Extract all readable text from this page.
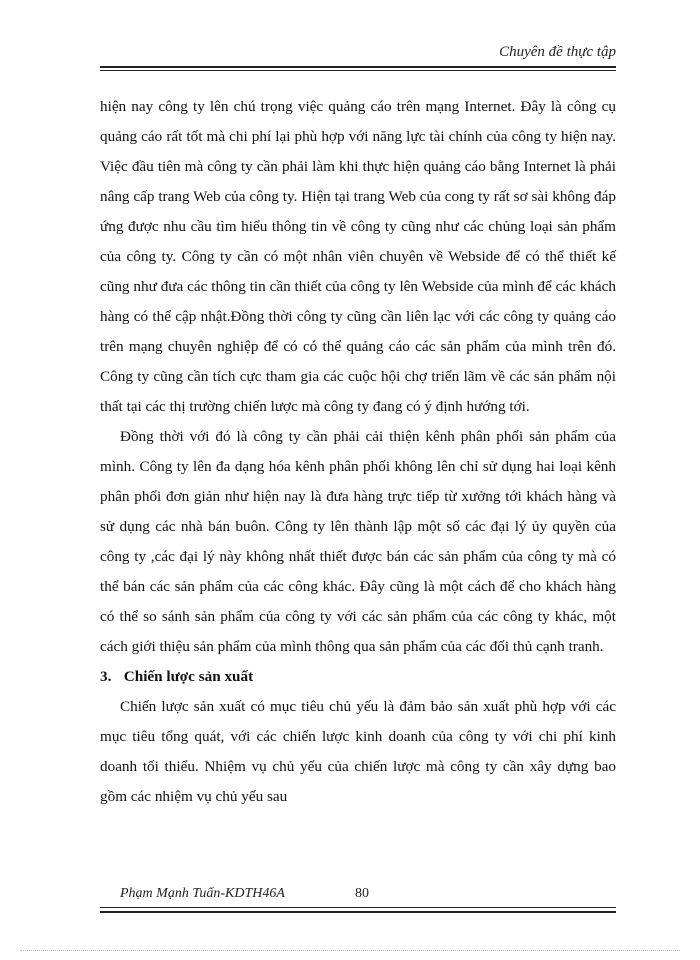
Chuyên đề thực tập

hiện nay công ty lên chú trọng việc quảng cáo trên mạng Internet. Đây là công cụ quảng cáo rất tốt mà chi phí lại phù hợp với năng lực tài chính của công ty hiện nay. Việc đầu tiên mà công ty cần phải làm khi thực hiện quảng cáo bằng Internet là phải nâng cấp trang Web của công ty. Hiện tại trang Web của cong ty rất sơ sài không đáp ứng được nhu cầu tìm hiểu thông tin về công ty cũng như các chủng loại sản phẩm của công ty. Công ty cần có một nhân viên chuyên về Webside để có thể thiết kế cũng như đưa các thông tin cần thiết của công ty lên Webside của mình để các khách hàng có thể cập nhật.Đồng thời công ty cũng cần liên lạc với các công ty quảng cáo trên mạng chuyên nghiệp để có có thể quảng cáo các sản phẩm của mình trên đó. Công ty cũng cần tích cực tham gia các cuộc hội chợ triển lãm về các sản phẩm nội thất tại các thị trường chiến lược mà công ty đang có ý định hướng tới.

Đồng thời với đó là công ty cần phải cải thiện kênh phân phối sản phẩm của mình. Công ty lên đa dạng hóa kênh phân phối không lên chỉ sử dụng hai loại kênh phân phối đơn giản như hiện nay là đưa hàng trực tiếp từ xưởng tới khách hàng và sử dụng các nhà bán buôn. Công ty lên thành lập một số các đại lý ủy quyền của công ty ,các đại lý này không nhất thiết được bán các sản phẩm của công ty mà có thể bán các sản phẩm của các công khác. Đây cũng là một cách để cho khách hàng có thể so sánh sản phẩm của công ty với các sản phẩm của các công ty khác, một cách giới thiệu sản phẩm của mình thông qua sản phẩm của các đối thủ cạnh tranh.

3. Chiến lược sản xuất

Chiến lược sản xuất có mục tiêu chủ yếu là đảm bảo sản xuất phù hợp với các mục tiêu tổng quát, với các chiến lược kinh doanh của công ty với chi phí kinh doanh tối thiểu. Nhiệm vụ chủ yếu của chiến lược mà công ty cần xây dựng bao gồm các nhiệm vụ chủ yếu sau

Phạm Mạnh Tuấn-KDTH46A	80
